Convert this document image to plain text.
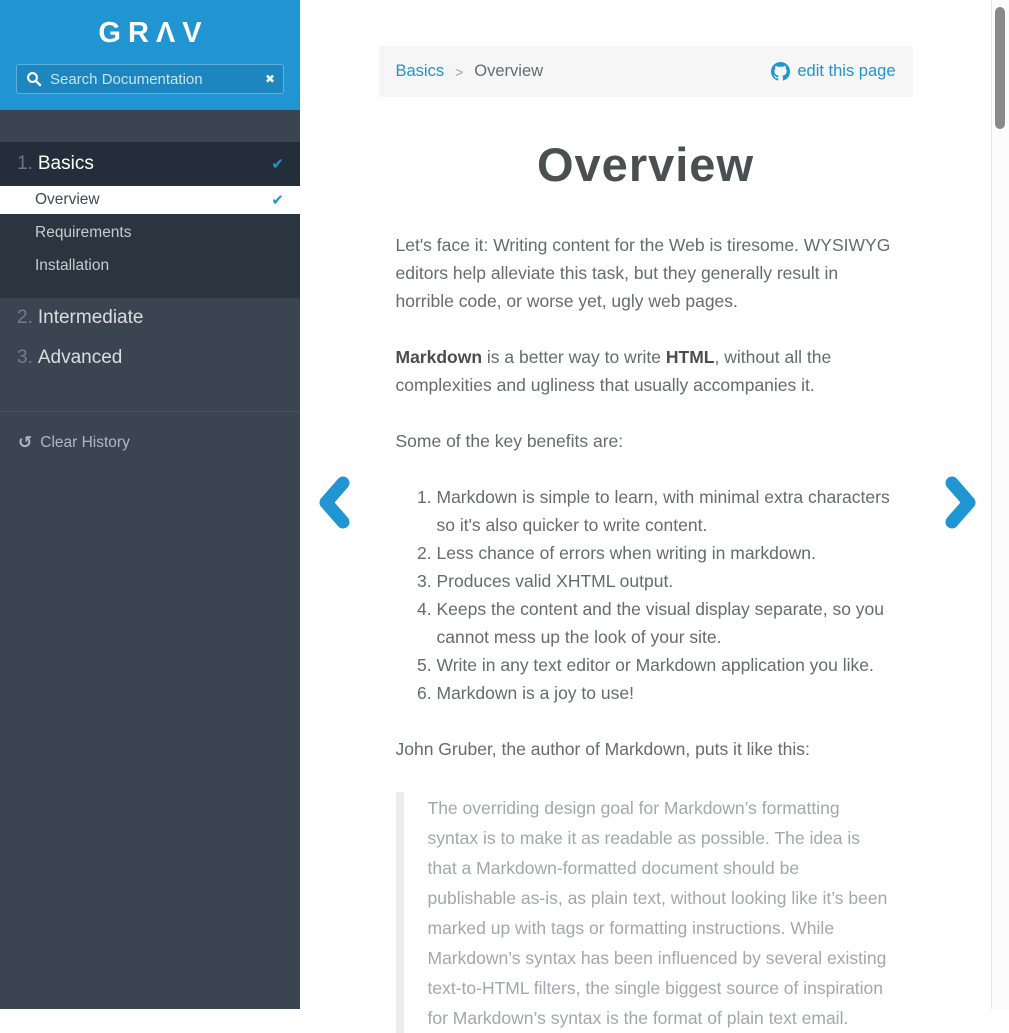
GRΛV
Search Documentation
✖
1. Basics	✔
Overview	✔
Requirements
Installation
2. Intermediate
3. Advanced
↺ Clear History
Basics > Overview	edit this page
Overview

Let's face it: Writing content for the Web is tiresome. WYSIWYG editors help alleviate this task, but they generally result in horrible code, or worse yet, ugly web pages.

Markdown is a better way to write HTML, without all the complexities and ugliness that usually accompanies it.

Some of the key benefits are:

1. Markdown is simple to learn, with minimal extra characters so it's also quicker to write content.
2. Less chance of errors when writing in markdown.
3. Produces valid XHTML output.
4. Keeps the content and the visual display separate, so you cannot mess up the look of your site.
5. Write in any text editor or Markdown application you like.
6. Markdown is a joy to use!

John Gruber, the author of Markdown, puts it like this:

The overriding design goal for Markdown’s formatting syntax is to make it as readable as possible. The idea is that a Markdown-formatted document should be publishable as-is, as plain text, without looking like it’s been marked up with tags or formatting instructions. While Markdown’s syntax has been influenced by several existing text-to-HTML filters, the single biggest source of inspiration for Markdown’s syntax is the format of plain text email.
